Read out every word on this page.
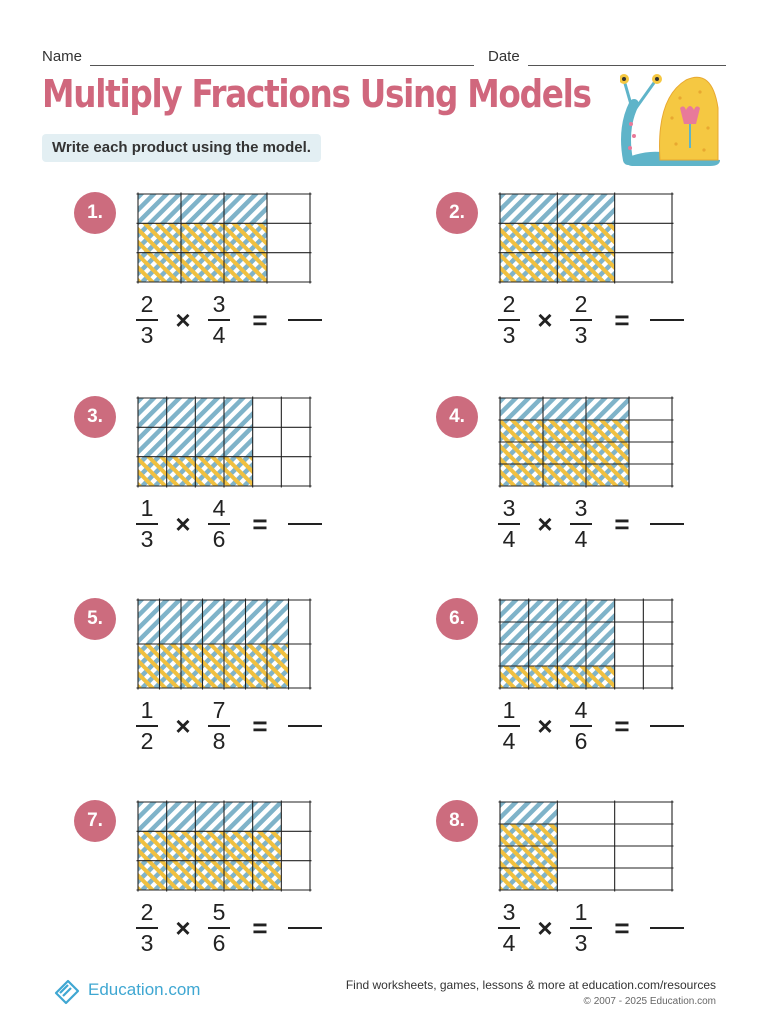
Name	Date
Multiply Fractions Using Models
Write each product using the model.
1.
$\frac{2}{3} \times \frac{3}{4}$ =
2.
$\frac{2}{3} \times \frac{2}{3}$ =
3.
$\frac{1}{3} \times \frac{4}{6}$ =
4.
$\frac{3}{4} \times \frac{3}{4}$ =
5.
$\frac{1}{2} \times \frac{7}{8}$ =
6.
$\frac{1}{4} \times \frac{4}{6}$ =
7.
$\frac{2}{3} \times \frac{5}{6}$ =
8.
$\frac{3}{4} \times \frac{1}{3}$ =
Education.com	Find worksheets, games, lessons & more at education.com/resources
© 2007 - 2025 Education.com
